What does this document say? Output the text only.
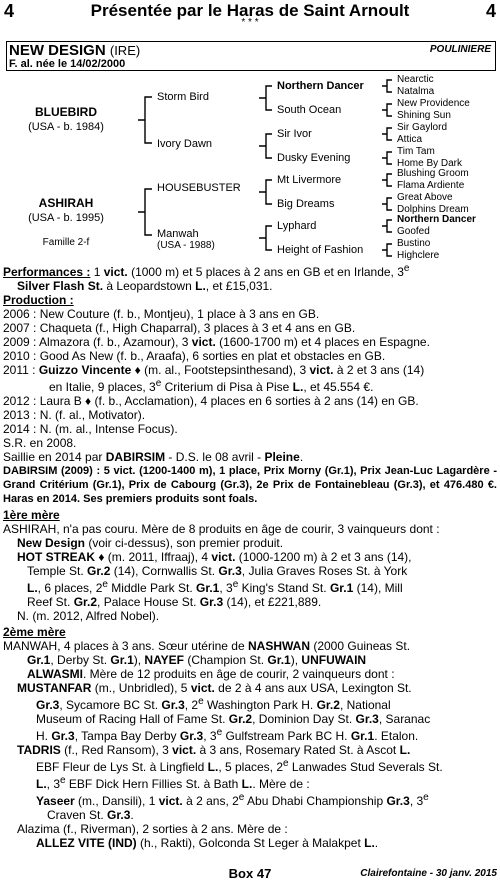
4	Présentée par le Haras de Saint Arnoult
* * *
4
NEW DESIGN (IRE)	POULINIERE
F. al. née le 14/02/2000
BLUEBIRD
(USA - b. 1984)
ASHIRAH
(USA - b. 1995)
Famille 2-f
Storm Bird
Ivory Dawn
HOUSEBUSTER
Manwah
(USA - 1988)
Northern Dancer
South Ocean
Sir Ivor
Dusky Evening
Mt Livermore
Big Dreams
Lyphard
Height of Fashion
Nearctic
Natalma
New Providence
Shining Sun
Sir Gaylord
Attica
Tim Tam
Home By Dark
Blushing Groom
Flama Ardiente
Great Above
Dolphins Dream
Northern Dancer
Goofed
Bustino
Highclere

Performances : 1 vict. (1000 m) et 5 places à 2 ans en GB et en Irlande, 3e

Silver Flash St. à Leopardstown L., et £15,031.

Production :

2006 : New Couture (f. b., Montjeu), 1 place à 3 ans en GB.

2007 : Chaqueta (f., High Chaparral), 3 places à 3 et 4 ans en GB.

2009 : Almazora (f. b., Azamour), 3 vict. (1600-1700 m) et 4 places en Espagne.

2010 : Good As New (f. b., Araafa), 6 sorties en plat et obstacles en GB.

2011 : Guizzo Vincente ♦ (m. al., Footstepsinthesand), 3 vict. à 2 et 3 ans (14)

en Italie, 9 places, 3e Criterium di Pisa à Pise L., et 45.554 €.

2012 : Laura B ♦ (f. b., Acclamation), 4 places en 6 sorties à 2 ans (14) en GB.

2013 : N. (f. al., Motivator).

2014 : N. (m. al., Intense Focus).

S.R. en 2008.

Saillie en 2014 par DABIRSIM - D.S. le 08 avril - Pleine.

DABIRSIM (2009) : 5 vict. (1200-1400 m), 1 place, Prix Morny (Gr.1), Prix Jean-Luc Lagardère - Grand Critérium (Gr.1), Prix de Cabourg (Gr.3), 2e Prix de Fontainebleau (Gr.3), et 476.480 €. Haras en 2014. Ses premiers produits sont foals.

1ère mère

ASHIRAH, n'a pas couru. Mère de 8 produits en âge de courir, 3 vainqueurs dont :

New Design (voir ci-dessus), son premier produit.

HOT STREAK ♦ (m. 2011, Iffraaj), 4 vict. (1000-1200 m) à 2 et 3 ans (14),

Temple St. Gr.2 (14), Cornwallis St. Gr.3, Julia Graves Roses St. à York

L., 6 places, 2e Middle Park St. Gr.1, 3e King's Stand St. Gr.1 (14), Mill

Reef St. Gr.2, Palace House St. Gr.3 (14), et £221,889.

N. (m. 2012, Alfred Nobel).

2ème mère

MANWAH, 4 places à 3 ans. Sœur utérine de NASHWAN (2000 Guineas St.

Gr.1, Derby St. Gr.1), NAYEF (Champion St. Gr.1), UNFUWAIN

ALWASMI. Mère de 12 produits en âge de courir, 2 vainqueurs dont :

MUSTANFAR (m., Unbridled), 5 vict. de 2 à 4 ans aux USA, Lexington St.

Gr.3, Sycamore BC St. Gr.3, 2e Washington Park H. Gr.2, National

Museum of Racing Hall of Fame St. Gr.2, Dominion Day St. Gr.3, Saranac

H. Gr.3, Tampa Bay Derby Gr.3, 3e Gulfstream Park BC H. Gr.1. Etalon.

TADRIS (f., Red Ransom), 3 vict. à 3 ans, Rosemary Rated St. à Ascot L.

EBF Fleur de Lys St. à Lingfield L., 5 places, 2e Lanwades Stud Severals St.

L., 3e EBF Dick Hern Fillies St. à Bath L.. Mère de :

Yaseer (m., Dansili), 1 vict. à 2 ans, 2e Abu Dhabi Championship Gr.3, 3e

Craven St. Gr.3.

Alazima (f., Riverman), 2 sorties à 2 ans. Mère de :

ALLEZ VITE (IND) (h., Rakti), Golconda St Leger à Malakpet L..

Box 47	Clairefontaine - 30 janv. 2015
